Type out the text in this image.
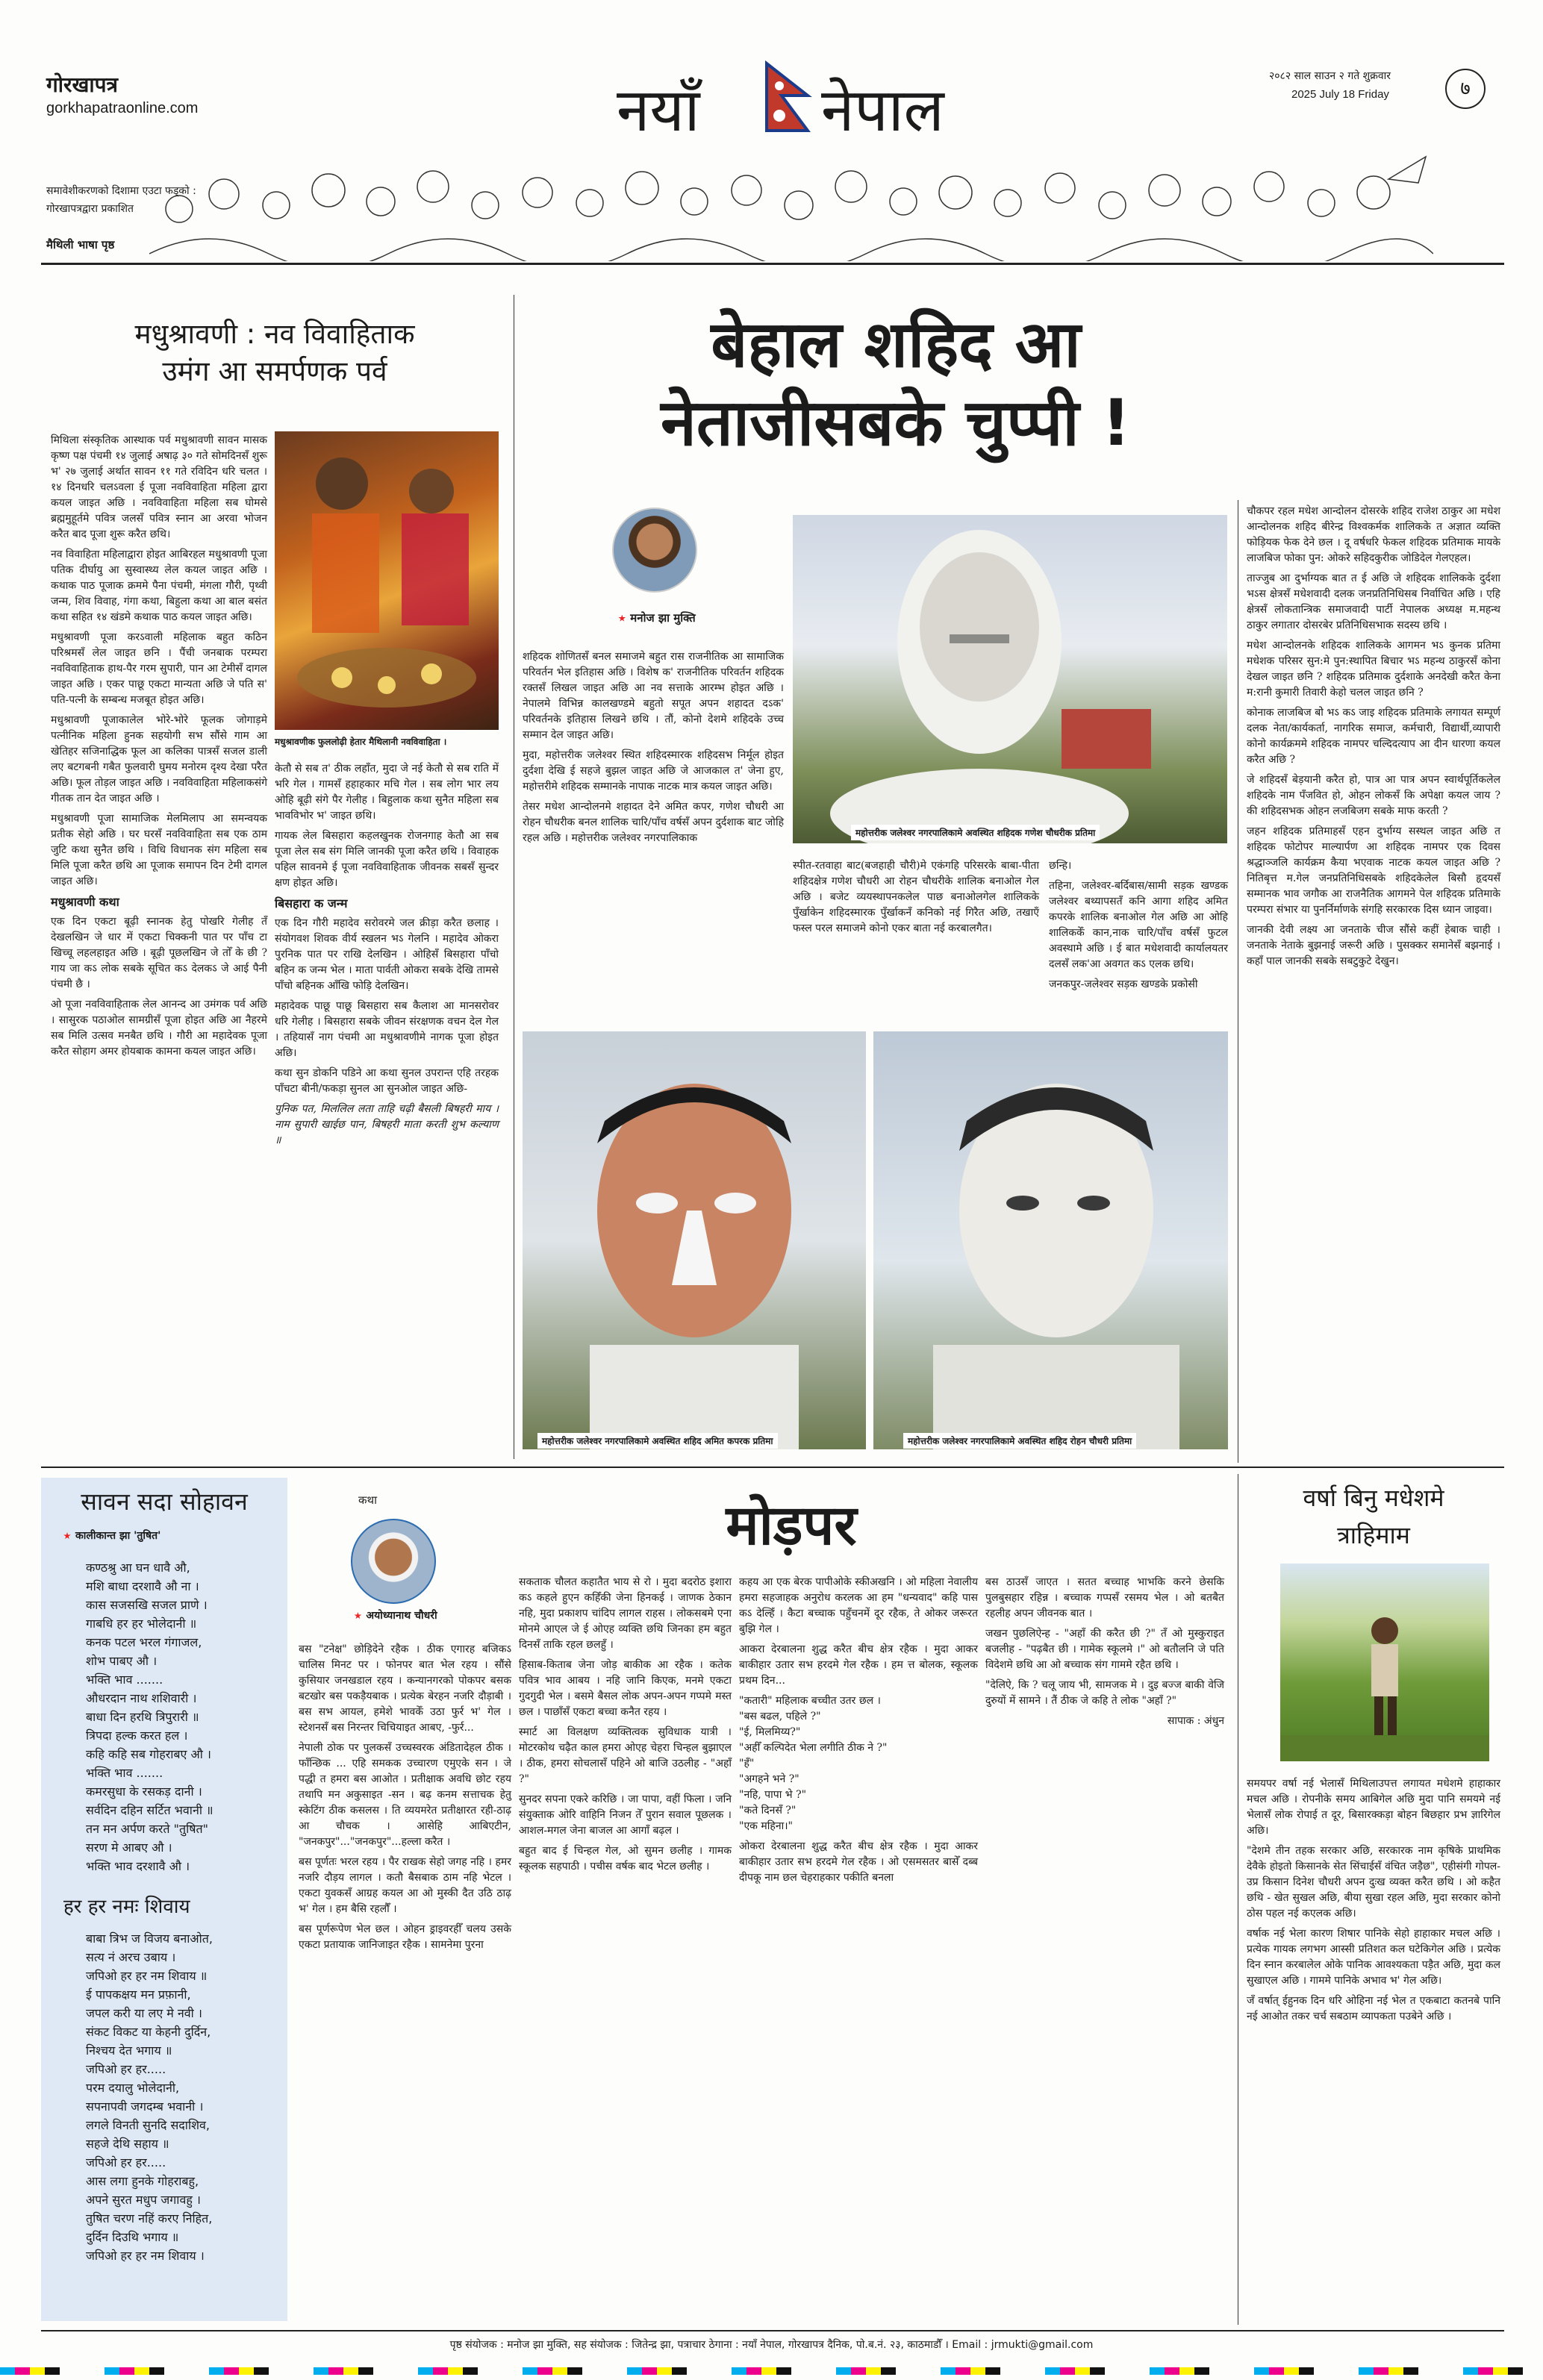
गोरखापत्र
gorkhapatraonline.com	नयाँ नेपाल	२०८२ साल साउन २ गते शुक्रवार
2025 July 18 Friday	७
समावेशीकरणको दिशामा एउटा फड्को :
गोरखापत्रद्वारा प्रकाशित
मैथिली भाषा पृष्ठ
मधुश्रावणी : नव विवाहिताक
उमंग आ समर्पणक पर्व
मधुश्रावणीक फुललोढ़ी हेतार मैथिलानी नवविवाहिता ।

मिथिला संस्कृतिक आस्थाक पर्व मधुश्रावणी सावन मासक कृष्ण पक्ष पंचमी १४ जुलाई अषाढ़ ३० गते सोमदिनसँ शुरू भ' २७ जुलाई अर्थात सावन ११ गते रविदिन धरि चलत । १४ दिनधरि चलऽवला ई पूजा नवविवाहिता महिला द्वारा कयल जाइत अछि । नवविवाहिता महिला सब घोमसे ब्रह्ममुहूर्तमे पवित्र जलसँ पवित्र स्नान आ अरवा भोजन करैत बाद पूजा शुरू करैत छथि।

नव विवाहिता महिलाद्वारा होइत आबिरहल मधुश्रावणी पूजा पति‌क दीर्घायु आ सुस्वास्थ्य लेल कयल जाइत अछि । कथाक पाठ पूजाक क्रममे पैना पंचमी, मंगला गौरी, पृथ्वी जन्म, शिव विवाह, गंगा कथा, बिहुला कथा आ बाल बसंत कथा सहित १४ खंडमे कथाक पाठ कयल जाइत अछि।

मधुश्रावणी पूजा करऽवाली महिलाक बहुत कठिन परिश्रमसँ लेल जाइत छनि । पैंची जनबाक परम्परा नवविवाहिताक हाथ-पैर गरम सुपारी, पान आ टेमीसँ दागल जाइत अछि । एकर पाछू एकटा मान्यता अछि जे पति स' पति-पत्नी के सम्बन्ध मजबूत होइत अछि।

मधुश्रावणी पूजाकालेल भोरे-भोरे फूलक जोगाड़मे पत्नीनिक महिला हुनक सहयोगी सभ सौंसे गाम आ खेतिहर सजिनाद्धिक फूल आ कलिका पात्रसँ सजल डाली लए बटगबनी गबैत फुलवारी घुमय मनोरम दृश्य देखा परैत अछि। फूल तोड़ल जाइत अछि । नवविवाहिता महिलाकसंगे गीतक तान देत जाइत अछि ।

मधुश्रावणी पूजा सामाजिक मेलमिलाप आ समन्वयक प्रतीक सेहो अछि । घर घरसँ नवविवाहिता सब एक ठाम जुटि कथा सुनैत छथि । विधि विधानक संग महिला सब मिलि पूजा करैत छथि आ पूजाक समापन दिन टेमी दागल जाइत अछि।

मधुश्रावणी कथा

एक दिन एकटा बूढ़ी स्नानक हेतु पोखरि गेलीह तँ देखलखिन जे धार में एकटा चिक्कनी पात पर पाँच टा खिच्चू लहलहाइत अछि । बूढ़ी पूछलखिन जे तोँ के छी ? गाय जा कऽ लोक सबके सूचित कऽ देलकऽ जे आई पैनी पंचमी छै ।

ओ पूजा नवविवाहिताक लेल आनन्द आ उमंगक पर्व अछि । सासुरक पठाओल सामग्रीसँ पूजा होइत अछि आ नैहरमे सब मिलि उत्सव मनबैत छथि । गौरी आ महादेवक पूजा करैत सोहाग अमर होयबाक कामना कयल जाइत अछि।

केतौ से सब त' ठीक लहाँत, मुदा जे नई केतौ से सब राति में भरि गेल । गामसँ हहाहकार मचि गेल । सब लोग भार लय ओहि बूढ़ी संगे पैर गेलीह । बिहुलाक कथा सुनैत महिला सब भावविभोर भ' जाइत छथि।

गायक लेल बिसहारा कहलखुनक रोजनगाह केतौ आ सब पूजा लेल सब संग मिलि जानकी पूजा करैत छथि । विवाहक पहिल सावनमे ई पूजा नवविवाहिताक जीवनक सबसँ सुन्दर क्षण होइत अछि।

बिसहारा क जन्म

एक दिन गौरी महादेव सरोवरमे जल क्रीड़ा करैत छलाह । संयोगवश शिवक वीर्य स्खलन भऽ गेलनि । महादेव ओकरा पुरनिक पात पर राखि देलखिन । ओहिसँ बिसहारा पाँचो बहिन क जन्म भेल । माता पार्वती ओकरा सबके देखि तामसे पाँचो बहिनक आँखि फोड़ि देलखिन।

महादेवक पाछू पाछू बिसहारा सब कैलाश आ मानसरोवर धरि गेलीह । बिसहारा सबके जीवन संरक्षणक वचन देल गेल । तहियासँ नाग पंचमी आ मधुश्रावणीमे नागक पूजा होइत अछि।

कथा सुन डोकनि पडिने आ कथा सुनल उपरान्त एहि तरहक पाँचटा बीनी/फकड़ा सुनल आ सुनओल जाइत अछि-

पुनिक पत, मिललिल लता ताहि चढ़ी बैसली बिषहरी माय । नाम सुपारी खाईछ पान, बिषहरी माता करती शुभ कल्याण ॥

बेहाल शहिद आ
नेताजीसबके चुप्पी !
मनोज झा मुक्ति
महोत्तरीक जलेश्वर नगरपालिकामे अवस्थित शहिदक गणेश चौधरीक प्रतिमा

शहिदक शोणितसँ बनल समाजमे बहुत रास राजनीतिक आ सामाजिक परिवर्तन भेल इतिहास अछि । विशेष क' राजनीतिक परिवर्तन शहिदक रक्तसँ लिखल जाइत अछि आ नव सत्ताके आरम्भ होइत अछि । नेपालमे विभिन्न कालखण्डमे बहुतो सपूत अपन शहादत दऽक' परिवर्तनके इतिहास लिखने छथि । तौं, कोनो देशमे शहिदके उच्च सम्मान देल जाइत अछि।

मुदा, महोत्तरीक जलेश्वर स्थित शहिदस्मारक शहिदसभ निर्मूल होइत दुर्दशा देखि ई सहजे बुझल जाइत अछि जे आजकाल त' जेना हुए, महोत्तरीमे शहिदक सम्मानके नापाक नाटक मात्र कयल जाइत अछि।

तेसर मधेश आन्दोलनमे शहादत देने अमित कपर, गणेश चौधरी आ रोहन चौधरीक बनल शालिक चारि/पाँच वर्षसँ अपन दुर्दशाक बाट जोहि रहल अछि । महोत्तरीक जलेश्वर नगरपालिकाक

स्पीत-रतवाहा बाट(बजहाही चौरी)मे एकंगहि परिसरके बाबा-पीता शहिदक्षेत्र गणेश चौधरी आ रोहन चौधरीके शालिक बनाओल गेल अछि । बजेट व्ययस्थापनकलेल पाछ बनाओलगेल शालिकके पुँर्खाकेन शहिदस्मारक पुँर्खाकनँ कनिको नई गिरैत अछि, तखाएँ फस्ल परल समाजमे कोनो एकर बाता नई करबालगैत।

छन्हि।

तहिना, जलेश्वर-बर्दिबास/सामी सड़क खण्डक जलेश्वर बथ्यापसतँ कनि आगा शहिद अमित कपरके शालिक बनाओल गेल अछि आ ओहि शालिककेँ कान,नाक चारि/पाँच वर्षसँ फुटल अवस्थामे अछि । ई बात मधेशवादी कार्यालयतर दलसँ लक'आ अवगत कऽ एलक छथि।

जनकपुर-जलेश्वर सड़क खण्डके प्रकोसी

महोत्तरीक जलेश्वर नगरपालिकामे अवस्थित शहिद अमित कपरक प्रतिमा	महोत्तरीक जलेश्वर नगरपालिकामे अवस्थित शहिद रोहन चौधरी प्रतिमा

चौकपर रहल मधेश आन्दोलन दोसरके शहिद राजेश ठाकुर आ मधेश आन्दोलनक शहिद बीरेन्द्र विश्वकर्मक शालिकके त अज्ञात व्यक्ति फोड़ियक फेक देने छल । दू वर्षधरि फेकल शहिदक प्रतिमाक मायके लाजबिज फोका पुन: ओकरे सहिदकुरीक जोडिदेल गेलएहल।

ताज्जुब आ दुर्भाग्यक बात त ई अछि जे शहिदक शालिकके दुर्दशा भऽस क्षेत्रसँ मधेशवादी दलक जनप्रतिनिधिसब निर्वाचित अछि । एहि क्षेत्रसँ लोकतान्त्रिक समाजवादी पार्टी नेपालक अध्यक्ष म.महन्थ ठाकुर लगातार दोसरबेर प्रतिनिधिसभाक सदस्य छथि ।

मधेश आन्दोलनके शहिदक शालिकके आगमन भऽ कुनक प्रतिमा मधेशक परिसर सुन:मे पुन:स्थापित बिचार भऽ महन्थ ठाकुरसँ कोना देखल जाइत छनि ? शहिदक प्रतिमाक दुर्दशाके अनदेखी करैत केना म:रानी कुमारी तिवारी केहो चलल जाइत छनि ?

कोनाक लाजबिज बोे भऽ कऽ जाइ शहिदक प्रतिमाके लगायत सम्पूर्ण दलक नेता/कार्यकर्ता, नागरिक समाज, कर्मचारी, विद्यार्थी,व्यापारी कोनो कार्यक्रममे शहिदक नामपर चल्दिदत्याप आ दीन धारणा कयल करैत अछि ?

जे शहिदसँ बेड़यानी करैत हो, पात्र आ पात्र अपन स्वार्थपूर्तिकलेल शहिदके नाम पँजवित हो, ओहन लोकसँ कि अपेक्षा कयल जाय ? की शहिदसभक ओहन लजबिजग सबके माफ करती ?

जहन शहिदक प्रतिमाहसँ एहन दुर्भाग्य सस्थल जाइत अछि त शहिदक फोटोपर माल्यार्पण आ शहिदक नामपर एक दिवस श्रद्धाञ्जलि कार्यक्रम कैया भएवाक नाटक कयल जाइत अछि ? नितिबृत्त म.गेल जनप्रतिनिधिसबके शहिदकेलेल बिसौ हृदयसँ सम्मानक भाव जगौक आ राजनैतिक आगमने पेल शहिदक प्रतिमाके परम्परा संभार या पुनर्निर्माणके संगहि सरकारक दिस ध्यान जाइवा।

जानकी देवी लक्ष्य आ जनताके चीज सौंसे कहीं हेबाक चाही । जनताके नेताके बुझनाई जरूरी अछि । पुसक्कर समानेसँ बझनाई । कहाँ पाल जानकी सबके सबटुकुटे देखुन।

सावन सदा सोहावन
कालीकान्त झा 'तुषित'
कण्ठश्रु आ घन धावै औ,
मशि बाधा दरशावै औ ना ।
कास सजसखि सजल प्राणे ।
गाबधि हर हर भोलेदानी ॥
कनक पटल भरल गंगाजल,
शोभ पाबए औ ।
भक्ति भाव .......
औधरदान नाथ शशिवारी ।
बाधा दिन हरथि त्रिपुरारी ॥
त्रिपदा हल्क करत हल ।
कहि कहि सब गोहराबए औ ।
भक्ति भाव .......
कमरसुधा के रसकड़ दानी ।
सर्वदिन दहिन सर्टित भवानी ॥
तन मन अर्पण करते "तुषित"
सरण मे आबए औ ।
भक्ति भाव दरशावै औ ।
हर हर नमः शिवाय
बाबा त्रिभ ज विजय बनाओत,
सत्य नं अरच उबाय ।
जपिओ हर हर नम शिवाय ॥
ई पापकक्षय मन प्रफ़ानी,
जपल करी या लए मे नवी ।
संकट विकट या केहनी दुर्दिन,
निश्चय देत भगाय ॥
जपिओ हर हर.....
परम दयालु भोलेदानी,
सपनापवी जगदम्ब भवानी ।
लगले विनती सुनदि सदाशिव,
सहजे देथि सहाय ॥
जपिओ हर हर.....
आस लगा हुनके गोहराबहु,
अपने सुरत मधुप जगावहु ।
तुषित चरण नहिं करए निहित,
दुर्दिन दिउथि भगाय ॥
जपिओ हर हर नम शिवाय ।
कथा
अयोध्यानाथ चौधरी
मोड़पर

बस "टनेक्ष" छोड़िदेने रहैक । ठीक एगारह बजिकऽ चालिस मिनट पर । फोनपर बात भेल रहय । सौंसे कुसियार जनखडाल रहय । कन्यानगरको पोकपर बसक बटखोर बस पकड़ैयबाक । प्रत्येक बेरहन नजरि दौड़ाबी । बस सभ आयल, हमेशे भावकेँ उठा फुर्र भ' गेल । स्टेशनसँ बस निरन्तर चिचियाइत आबए, -फुर्र...

नेपाली ठोक पर पुलकसँ उच्चस्वरक अंडितादेहल ठीक । फाँन्छिक ... एहि समकक उच्चारण एमुएके सन । जे पद्धी त हमरा बस आओत । प्रतीक्षाक अवधि छोट रहय तथापि मन अकुसाइत -सन । बढ़ कनम सत्ताचक हेतु स्केटिंग ठीक कसलस । ति व्ययमरेत प्रतीक्षारत रही-ठाढ़ आ चौचक । आसेहि आबिएटीन, "जनकपुर"..."जनकपुर"...हल्ला करैत ।

बस पूर्णतः भरल रहय । पैर राखक सेहो जगह नहि । हमर नजरि दौड़य लागल । कतौ बैसबाक ठाम नहि भेटल । एकटा युवकसँ आग्रह कयल आ ओ मुस्की दैत उठि ठाढ़ भ' गेल । हम बैसि रहलौँ ।

बस पूर्णरूपेण भेल छल । ओहन ड्राइवरहीँ चलय उसके एकटा प्रतायाक जानिजाइत रहैक । सामनेमा पुरना

सकताक चौलत कहातैत भाय से रो । मुदा बदरोठ इशारा कऽ कहले हुएन कहिँकी जेना हिनकई । जाणक ठेकान नहि, मुदा प्रकाशप चांदिप लागल राहस । लोकसबमे एना मोनमे आएल जे ई ओएह व्यक्ति छथि जिनका हम बहुत दिनसँ ताकि रहल छलहुँ ।

हिसाब-किताब जेना जोड़ बाकीक आ रहैक । कतेक पवित्र भाव आबय । नहि जानि किएक, मनमे एकटा गुदगुदी भेल । बसमे बैसल लोक अपन-अपन गप्पमे मस्त छल । पाछाँसँ एकटा बच्चा कनैत रहय ।

स्मार्ट आ विलक्षण व्यक्तित्वक सुविधाक यात्री । मोटरकोथ चढ़ैत काल हमरा ओएह चेहरा चिन्हल बुझाएल । ठीक, हमरा सोचलासँ पहिने ओ बाजि उठलीह - "अहाँ ?"

सुनदर सपना एकरे करिछि । जा पापा, वहीं फिला । जनि संयुक्ताक ओरि वाहिनि निजन तेँ पुरान सवाल पूछलक । आशल-मगल जेना बाजल आ आगाँ बढ़ल ।

बहुत बाद ई चिन्हल गेल, ओ सुमन छलीह । गामक स्कूलक सहपाठी । पचीस वर्षक बाद भेटल छलीह ।

कहय आ एक बेरक पापीओके स्कीअखनि । ओ महिला नेवालीय हमरा सहजाहक अनुरोध करलक आ हम "धन्यवाद" कहि पास कऽ देल्हिँ । कैटा बच्चाक पहुँचनमें दूर रहैक, ते ओकर जरूरत बुझि गेल ।

आकरा देरबालना शुद्ध करैत बीच क्षेत्र रहैक । मुदा आकर बाकीहार उतार सभ हरदमे गेल रहैक । हम त्त बोलक, स्कूलक प्रथम दिन...

"कतारी" महिलाक बच्चीत उतर छल ।
"बस बढल, पहिले ?"
"ई, मिलमिय्य?"
"अहीँ कल्पिदेत भेला लगीति ठीक ने ?"
"हँ"
"अगहने भने ?"
"नहि, पापा भे ?"
"कते दिनसँ ?"
"एक महिना।"

ओकरा देरबालना शुद्ध करैत बीच क्षेत्र रहैक । मुदा आकर बाकीहार उतार सभ हरदमे गेल रहैक । ओ एसमसतर बासेँ दब्ब दीपकू नाम छल चेहराहकार पकीति बनला

बस ठाउसँ जाएत । सतत बच्चाह भाभकि करने छेसकि पुलबुसहार रहिन्न । बच्चाक गप्पसँ रसमय भेल । ओ बतबैत रहलीह अपन जीवनक बात ।

जखन पुछलिऐन्ह - "अहाँ की करैत छी ?" तँ ओ मुस्कुराइत बजलीह - "पढ़बैत छी । गामेक स्कूलमे ।" ओ बतौलनि जे पति विदेशमे छथि आ ओ बच्चाक संग गाममे रहैत छथि ।

"देलिऐ, कि ? चलू जाय भी, सामजक मे । दुइ बज्ज बाकी वेजि दुरुयों में सामने । तैं ठीक जे कहि ते लोक "अहाँ ?"

सापाक : अंधुन

वर्षा बिनु मधेशमे
त्राहिमाम

समयपर वर्षा नई भेलासँ मिथिलाउपत्त लगायत मधेशमे हाहाकार मचल अछि । रोपनीके समय आबिगेल अछि मुदा पानि समयमे नई भेलासँ लोक रोपाई त दूर, बिसारक्कड़ा बोहन बिछहार प्रभ ज्ञारिगेल अछि।

"देशमे तीन तहक सरकार अछि, सरकारक नाम कृषिके प्राथमिक देवैके होइतो किसानके सेत सिंचाईसँ वंचित जड़ैछ", एहीसंगी गोपल-उप्र किसान दिनेश चौधरी अपन दुःख व्यक्त करैत छथि । ओ कहैत छथि - खेत सुखल अछि, बीया सुखा रहल अछि, मुदा सरकार कोनो ठोस पहल नई कएलक अछि।

वर्षाक नई भेला कारण शिषार पानिके सेहो हाहाकार मचल अछि । प्रत्येक गायक लगभग आस्सी प्रतिशत कल घटेकिगेल अछि । प्रत्येक दिन स्नान करबालेल ओके पानिक आवश्यकता पड़ैत अछि, मुदा कल सुखाएल अछि । गाममे पानिके अभाव भ' गेल अछि।

जँ वर्षात् ईहुनक दिन धरि ओहिना नई भेल त एकबाटा कतनबे पानि नई आओत तकर चर्च सबठाम व्यापकता पउबेने अछि ।

पृष्ठ संयोजक : मनोज झा मुक्ति, सह संयोजक : जितेन्द्र झा, पत्राचार ठेगाना : नयाँ नेपाल, गोरखापत्र दैनिक, पो.ब.नं. २३, काठमाडौँ । Email : jrmukti@gmail.com
